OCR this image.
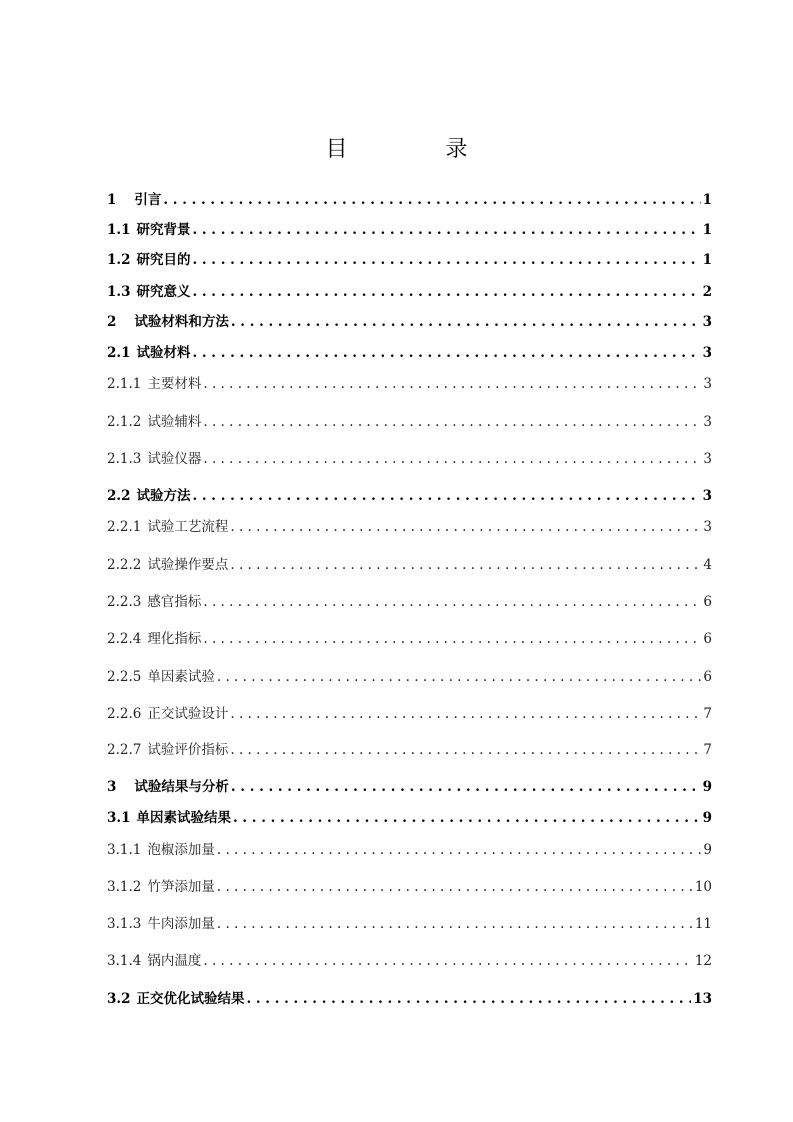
目　录
1 引言 . . .	1
1.1 研究背景 . . .	1
1.2 研究目的 . . .	1
1.3 研究意义 . . .	2
2 试验材料和方法 . . .	3
2.1 试验材料 . . .	3
2.1.1 主要材料 . . .	3
2.1.2 试验辅料 . . .	3
2.1.3 试验仪器 . . .	3
2.2 试验方法 . . .	3
2.2.1 试验工艺流程 . . .	3
2.2.2 试验操作要点 . . .	4
2.2.3 感官指标 . . .	6
2.2.4 理化指标 . . .	6
2.2.5 单因素试验 . . .	6
2.2.6 正交试验设计 . . .	7
2.2.7 试验评价指标 . . .	7
3 试验结果与分析 . . .	9
3.1 单因素试验结果 . . .	9
3.1.1 泡椒添加量 . . .	9
3.1.2 竹笋添加量 . . .	10
3.1.3 牛肉添加量 . . .	11
3.1.4 锅内温度 . . .	12
3.2 正交优化试验结果 . . .	13
